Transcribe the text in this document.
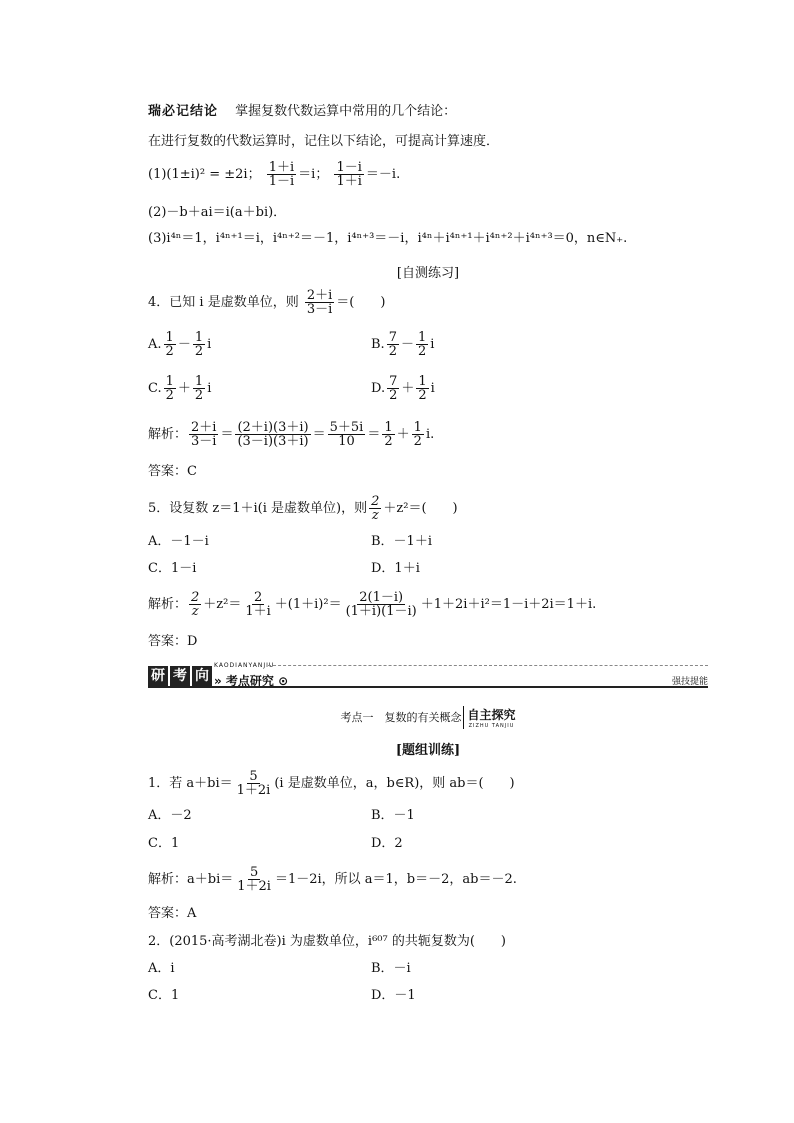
瑞必记结论　 掌握复数代数运算中常用的几个结论：
在进行复数的代数运算时，记住以下结论，可提高计算速度．
(1)(1±i)² = ±2i； $\frac{1+i}{1-i} =i$； $\frac{1-i}{1+i} =-i$.
(2)－b＋ai＝i(a＋bi)．
(3)i⁴ⁿ＝1，i⁴ⁿ⁺¹＝i，i⁴ⁿ⁺²＝－1，i⁴ⁿ⁺³＝－i，i⁴ⁿ＋i⁴ⁿ⁺¹＋i⁴ⁿ⁺²＋i⁴ⁿ⁺³＝0，n∈N₊.
[自测练习]
4．已知 i 是虚数单位，则 $\frac{2+i}{3-i}$ ＝(　　)
A. $\frac{1}{2} - \frac{1}{2}$ i	B. $\frac{7}{2} - \frac{1}{2}$ i
C. $\frac{1}{2} + \frac{1}{2}$ i	D. $\frac{7}{2} + \frac{1}{2}$ i
解析： $\frac{2+i}{3-i} = \frac{(2+i)(3+i)}{(3-i)(3+i)} = \frac{5+5i}{10} = \frac{1}{2} + \frac{1}{2} i$.
答案：C
5．设复数 z＝1＋i(i 是虚数单位)，则 $\frac{2}{z} +z^2=$(　　)
A．－1－i	B．－1＋i
C．1－i	D．1＋i
解析： $\frac{2}{z} +z^2= \frac{2}{1+i} +(1+i)^2= \frac{2(1-i)}{(1+i)(1-i)} +1+2i+i^2=1-i+2i=1+i$.
答案：D
研 考 向
KAODIANYANJIU
» 考点研究 ⊙	强技提能
考点一　复数的有关概念 自主探究
ZIZHU TANJIU
[题组训练]
1．若 $a+bi= \frac{5}{1+2i} (i$ 是虚数单位，a，b∈R)，则 ab＝(　　)
A．－2	B．－1
C．1	D．2
解析：$a+bi= \frac{5}{1+2i} =1-2i$，所以 a＝1，b＝－2，ab＝－2.
答案：A
2．(2015·高考湖北卷)i 为虚数单位，i⁶⁰⁷ 的共轭复数为(　　)
A．i	B．－i
C．1	D．－1
